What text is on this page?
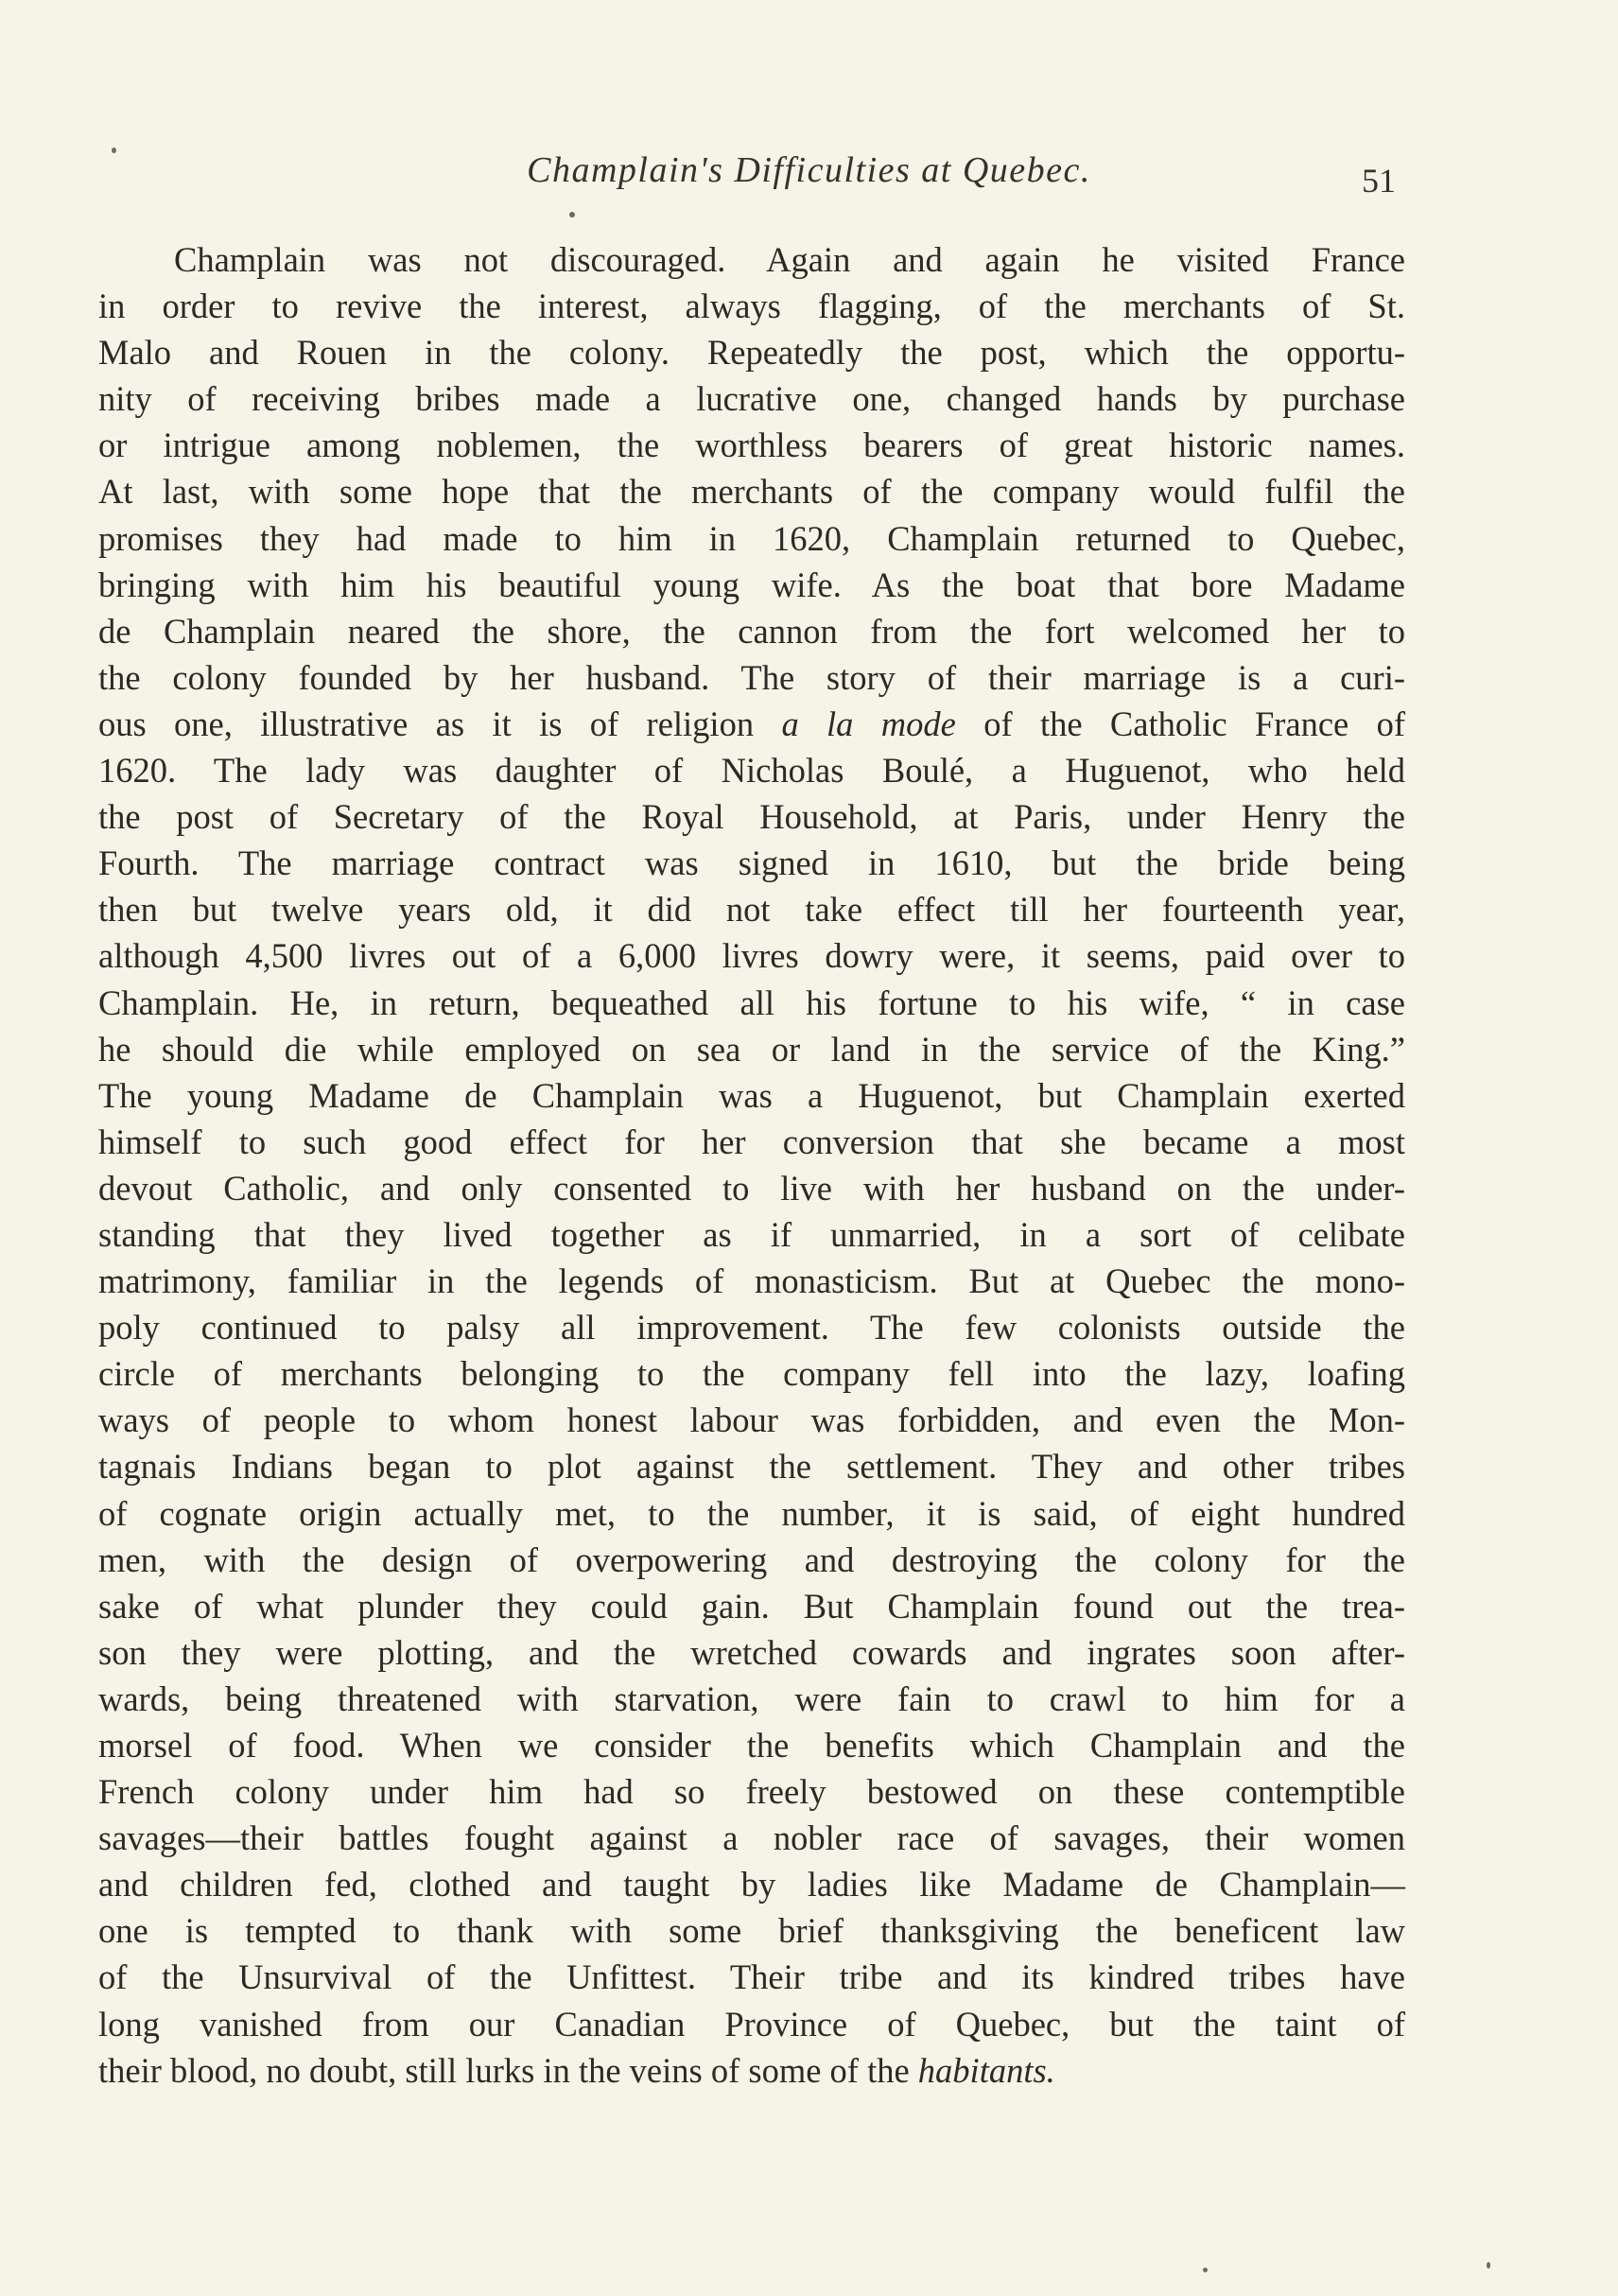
Champlain's Difficulties at Quebec.	51
Champlain was not discouraged. Again and again he visited France
in order to revive the interest, always flagging, of the merchants of St.
Malo and Rouen in the colony. Repeatedly the post, which the opportu-
nity of receiving bribes made a lucrative one, changed hands by purchase
or intrigue among noblemen, the worthless bearers of great historic names.
At last, with some hope that the merchants of the company would fulfil the
promises they had made to him in 1620, Champlain returned to Quebec,
bringing with him his beautiful young wife. As the boat that bore Madame
de Champlain neared the shore, the cannon from the fort welcomed her to
the colony founded by her husband. The story of their marriage is a curi-
ous one, illustrative as it is of religion a la mode of the Catholic France of
1620. The lady was daughter of Nicholas Boulé, a Huguenot, who held
the post of Secretary of the Royal Household, at Paris, under Henry the
Fourth. The marriage contract was signed in 1610, but the bride being
then but twelve years old, it did not take effect till her fourteenth year,
although 4,500 livres out of a 6,000 livres dowry were, it seems, paid over to
Champlain. He, in return, bequeathed all his fortune to his wife, “ in case
he should die while employed on sea or land in the service of the King.”
The young Madame de Champlain was a Huguenot, but Champlain exerted
himself to such good effect for her conversion that she became a most
devout Catholic, and only consented to live with her husband on the under-
standing that they lived together as if unmarried, in a sort of celibate
matrimony, familiar in the legends of monasticism. But at Quebec the mono-
poly continued to palsy all improvement. The few colonists outside the
circle of merchants belonging to the company fell into the lazy, loafing
ways of people to whom honest labour was forbidden, and even the Mon-
tagnais Indians began to plot against the settlement. They and other tribes
of cognate origin actually met, to the number, it is said, of eight hundred
men, with the design of overpowering and destroying the colony for the
sake of what plunder they could gain. But Champlain found out the trea-
son they were plotting, and the wretched cowards and ingrates soon after-
wards, being threatened with starvation, were fain to crawl to him for a
morsel of food. When we consider the benefits which Champlain and the
French colony under him had so freely bestowed on these contemptible
savages—their battles fought against a nobler race of savages, their women
and children fed, clothed and taught by ladies like Madame de Champlain—
one is tempted to thank with some brief thanksgiving the beneficent law
of the Unsurvival of the Unfittest. Their tribe and its kindred tribes have
long vanished from our Canadian Province of Quebec, but the taint of
their blood, no doubt, still lurks in the veins of some of the habitants.
